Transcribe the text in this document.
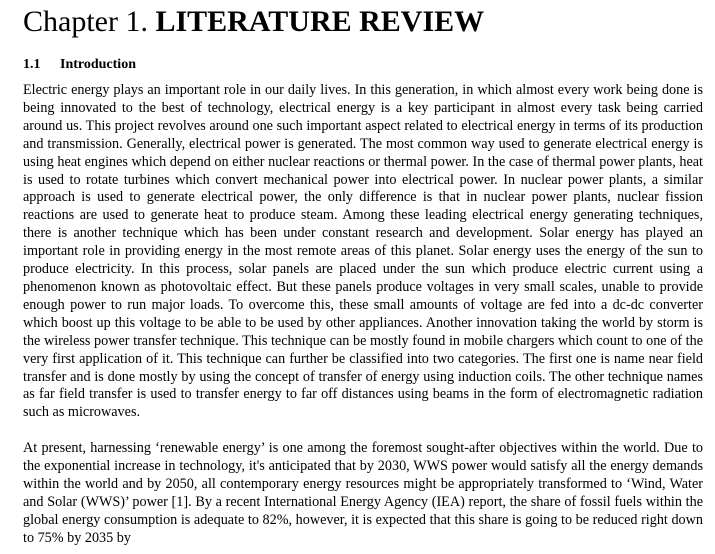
Chapter 1. LITERATURE REVIEW
1.1 Introduction

Electric energy plays an important role in our daily lives. In this generation, in which almost every work being done is being innovated to the best of technology, electrical energy is a key participant in almost every task being carried around us. This project revolves around one such important aspect related to electrical energy in terms of its production and transmission. Generally, electrical power is generated. The most common way used to generate electrical energy is using heat engines which depend on either nuclear reactions or thermal power. In the case of thermal power plants, heat is used to rotate turbines which convert mechanical power into electrical power. In nuclear power plants, a similar approach is used to generate electrical power, the only difference is that in nuclear power plants, nuclear fission reactions are used to generate heat to produce steam. Among these leading electrical energy generating techniques, there is another technique which has been under constant research and development. Solar energy has played an important role in providing energy in the most remote areas of this planet. Solar energy uses the energy of the sun to produce electricity. In this process, solar panels are placed under the sun which produce electric current using a phenomenon known as photovoltaic effect. But these panels produce voltages in very small scales, unable to provide enough power to run major loads. To overcome this, these small amounts of voltage are fed into a dc-dc converter which boost up this voltage to be able to be used by other appliances. Another innovation taking the world by storm is the wireless power transfer technique. This technique can be mostly found in mobile chargers which count to one of the very first application of it. This technique can further be classified into two categories. The first one is name near field transfer and is done mostly by using the concept of transfer of energy using induction coils. The other technique names as far field transfer is used to transfer energy to far off distances using beams in the form of electromagnetic radiation such as microwaves.

At present, harnessing ‘renewable energy’ is one among the foremost sought-after objectives within the world. Due to the exponential increase in technology, it's anticipated that by 2030, WWS power would satisfy all the energy demands within the world and by 2050, all contemporary energy resources might be appropriately transformed to ‘Wind, Water and Solar (WWS)’ power [1]. By a recent International Energy Agency (IEA) report, the share of fossil fuels within the global energy consumption is adequate to 82%, however, it is expected that this share is going to be reduced right down to 75% by 2035 by
